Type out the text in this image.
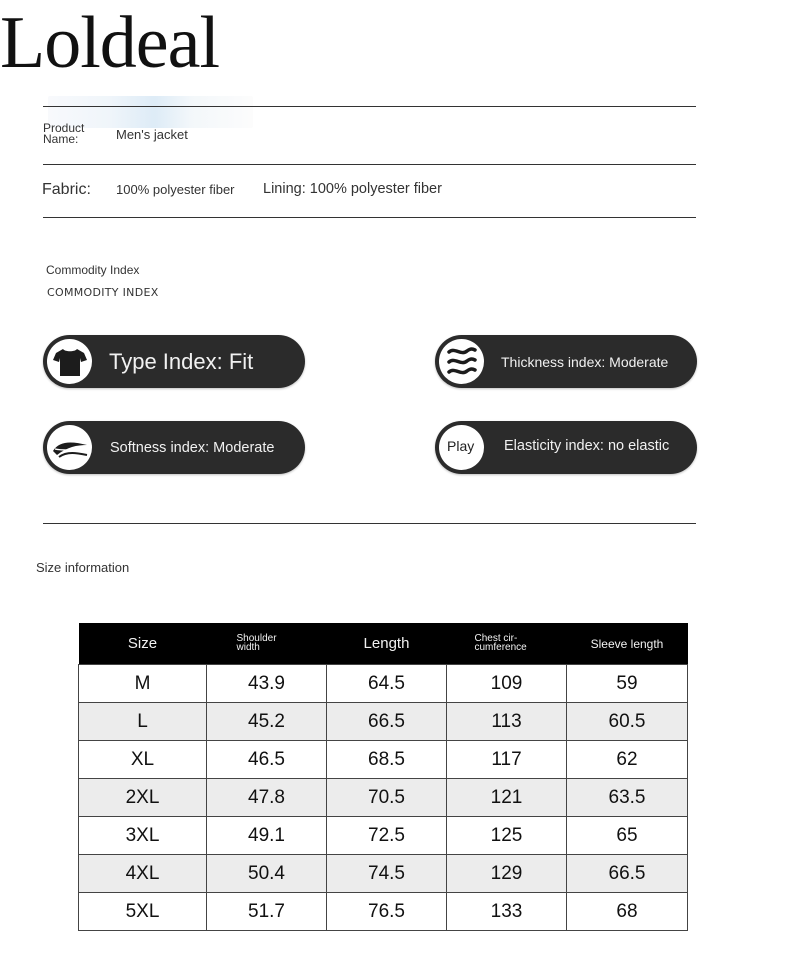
Loldeal
Product Name:	Men's jacket
Fabric: 100% polyester fiber Lining: 100% polyester fiber
Commodity Index
COMMODITY INDEX
Type Index: Fit	Thickness index: Moderate
Softness index: Moderate	Play Elasticity index: no elastic
Size information
Size	Shoulder width	Length	Chest cir-cumference	Sleeve length
M	43.9	64.5	109	59
L	45.2	66.5	113	60.5
XL	46.5	68.5	117	62
2XL	47.8	70.5	121	63.5
3XL	49.1	72.5	125	65
4XL	50.4	74.5	129	66.5
5XL	51.7	76.5	133	68
